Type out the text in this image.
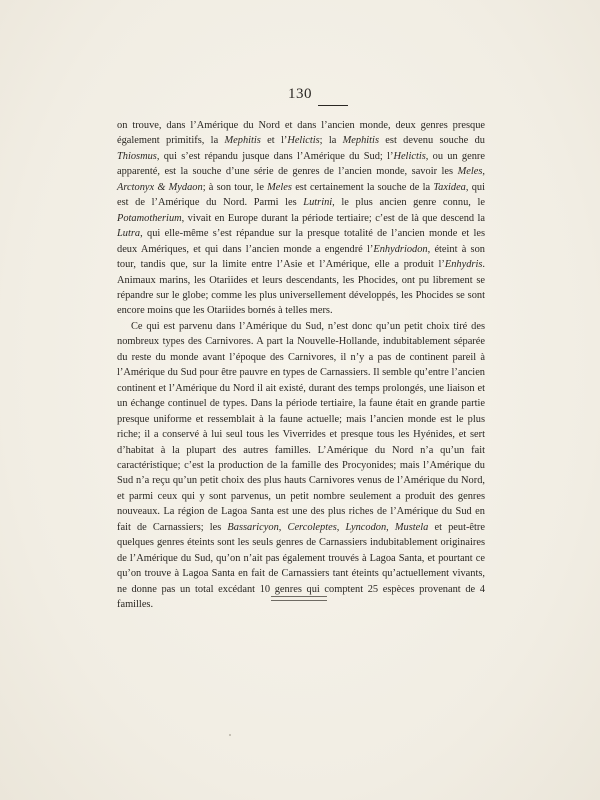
130

on trouve, dans l’Amérique du Nord et dans l’ancien monde, deux genres presque également primitifs, la Mephitis et l’Helictis; la Mephitis est devenu souche du Thiosmus, qui s’est répandu jusque dans l’Amérique du Sud; l’Helictis, ou un genre apparenté, est la souche d’une série de genres de l’ancien monde, savoir les Meles, Arctonyx & Mydaon; à son tour, le Meles est certainement la souche de la Taxidea, qui est de l’Amérique du Nord. Parmi les Lutrini, le plus ancien genre connu, le Potamotherium, vivait en Europe durant la période tertiaire; c’est de là que descend la Lutra, qui elle-même s’est répandue sur la presque totalité de l’ancien monde et les deux Amériques, et qui dans l’ancien monde a engendré l’Enhydriodon, éteint à son tour, tandis que, sur la limite entre l’Asie et l’Amérique, elle a produit l’Enhydris. Animaux marins, les Otariides et leurs descendants, les Phocides, ont pu librement se répandre sur le globe; comme les plus universellement développés, les Phocides se sont encore moins que les Otariides bornés à telles mers.

Ce qui est parvenu dans l’Amérique du Sud, n’est donc qu’un petit choix tiré des nombreux types des Carnivores. A part la Nouvelle-Hollande, indubitablement séparée du reste du monde avant l’époque des Carnivores, il n’y a pas de continent pareil à l’Amérique du Sud pour être pauvre en types de Carnassiers. Il semble qu’entre l’ancien continent et l’Amérique du Nord il ait existé, durant des temps prolongés, une liaison et un échange continuel de types. Dans la période tertiaire, la faune était en grande partie presque uniforme et ressemblait à la faune actuelle; mais l’ancien monde est le plus riche; il a conservé à lui seul tous les Viverrides et presque tous les Hyénides, et sert d’habitat à la plupart des autres familles. L’Amérique du Nord n’a qu’un fait caractéristique; c’est la production de la famille des Procyonides; mais l’Amérique du Sud n’a reçu qu’un petit choix des plus hauts Carnivores venus de l’Amérique du Nord, et parmi ceux qui y sont parvenus, un petit nombre seulement a produit des genres nouveaux. La région de Lagoa Santa est une des plus riches de l’Amérique du Sud en fait de Carnassiers; les Bassaricyon, Cercoleptes, Lyncodon, Mustela et peut-être quelques genres éteints sont les seuls genres de Carnassiers indubitablement originaires de l’Amérique du Sud, qu’on n’ait pas également trouvés à Lagoa Santa, et pourtant ce qu’on trouve à Lagoa Santa en fait de Carnassiers tant éteints qu’actuellement vivants, ne donne pas un total excédant 10 genres qui comptent 25 espèces provenant de 4 familles.
